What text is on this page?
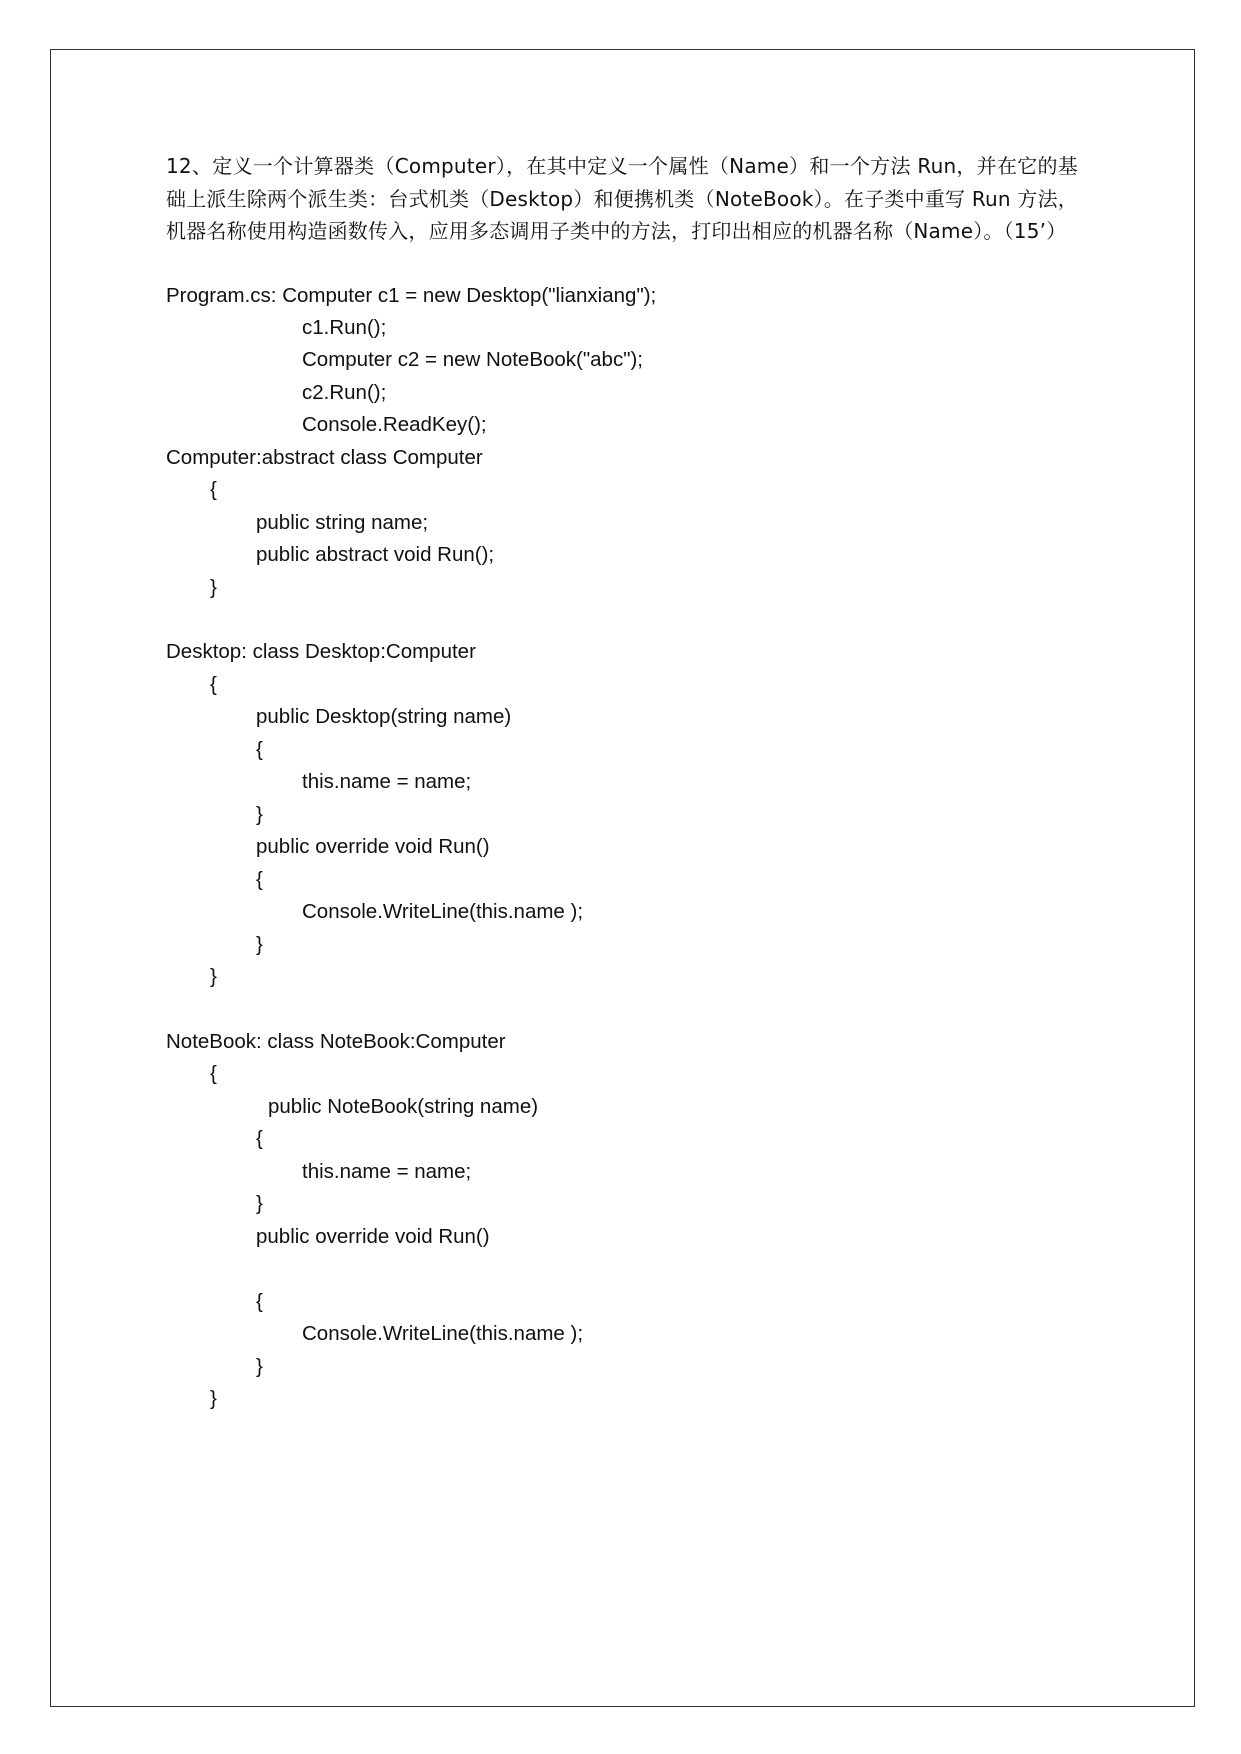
12、定义一个计算器类（Computer），在其中定义一个属性（Name）和一个方法 Run，并在它的基础上派生除两个派生类：台式机类（Desktop）和便携机类（NoteBook）。在子类中重写 Run 方法，机器名称使用构造函数传入，应用多态调用子类中的方法，打印出相应的机器名称（Name）。（15’）
Program.cs: Computer c1 = new Desktop("lianxiang");
c1.Run();
Computer c2 = new NoteBook("abc");
c2.Run();
Console.ReadKey();
Computer:abstract class Computer
{
public string name;
public abstract void Run();
}
Desktop: class Desktop:Computer
{
public Desktop(string name)
{
this.name = name;
}
public override void Run()
{
Console.WriteLine(this.name );
}
}
NoteBook: class NoteBook:Computer
{
public NoteBook(string name)
{
this.name = name;
}
public override void Run()
{
Console.WriteLine(this.name );
}
}
